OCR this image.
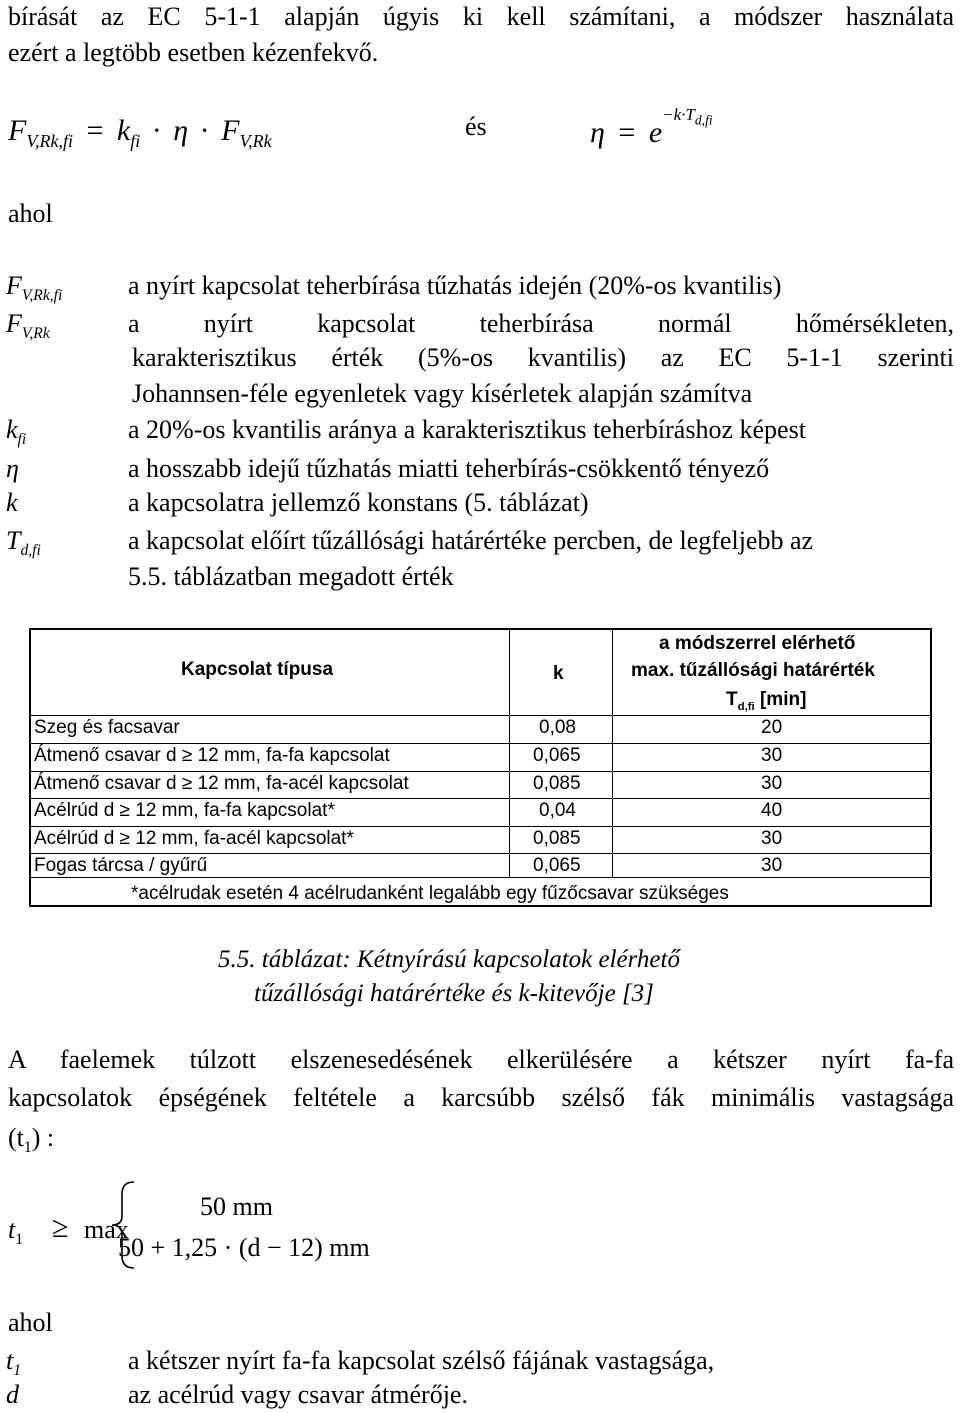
bírását az EC 5-1-1 alapján úgyis ki kell számítani, a módszer használata
ezért a legtöbb esetben kézenfekvő.
$F_{V,Rk,fi} = k_{fi} \cdot \eta \cdot F_{V,Rk}$	és	$\eta = e^{-k\cdot T_{d,fi}}$
ahol
$F_{V,Rk,fi}$	a nyírt kapcsolat teherbírása tűzhatás idején (20%-os kvantilis)
$F_{V,Rk}$	a nyírt kapcsolat teherbírása normál hőmérsékleten,
karakterisztikus érték (5%-os kvantilis) az EC 5-1-1 szerinti
Johannsen-féle egyenletek vagy kísérletek alapján számítva
$k_{fi}$	a 20%-os kvantilis aránya a karakterisztikus teherbíráshoz képest
η	a hosszabb idejű tűzhatás miatti teherbírás-csökkentő tényező
k	a kapcsolatra jellemző konstans (5. táblázat)
$T_{d,fi}$	a kapcsolat előírt tűzállósági határértéke percben, de legfeljebb az
5.5. táblázatban megadott érték
Kapcsolat típusa	k
a módszerrel elérhető
max. tűzállósági határérték
$T_{d,fi}$ [min]
Szeg és facsavar	0,08	20
Átmenő csavar d ≥ 12 mm, fa-fa kapcsolat	0,065	30
Átmenő csavar d ≥ 12 mm, fa-acél kapcsolat	0,085	30
Acélrúd d ≥ 12 mm, fa-fa kapcsolat*	0,04	40
Acélrúd d ≥ 12 mm, fa-acél kapcsolat*	0,085	30
Fogas tárcsa / gyűrű	0,065	30
*acélrudak esetén 4 acélrudanként legalább egy fűzőcsavar szükséges
5.5. táblázat: Kétnyírású kapcsolatok elérhető
tűzállósági határértéke és k-kitevője [3]
A faelemek túlzott elszenesedésének elkerülésére a kétszer nyírt fa-fa
kapcsolatok épségének feltétele a karcsúbb szélső fák minimális vastagsága
$(t_1)$ :
$t_1 \ge \max$
50 mm
50 + 1,25 · (d − 12) mm
ahol
$t_1$	a kétszer nyírt fa-fa kapcsolat szélső fájának vastagsága,
d	az acélrúd vagy csavar átmérője.
